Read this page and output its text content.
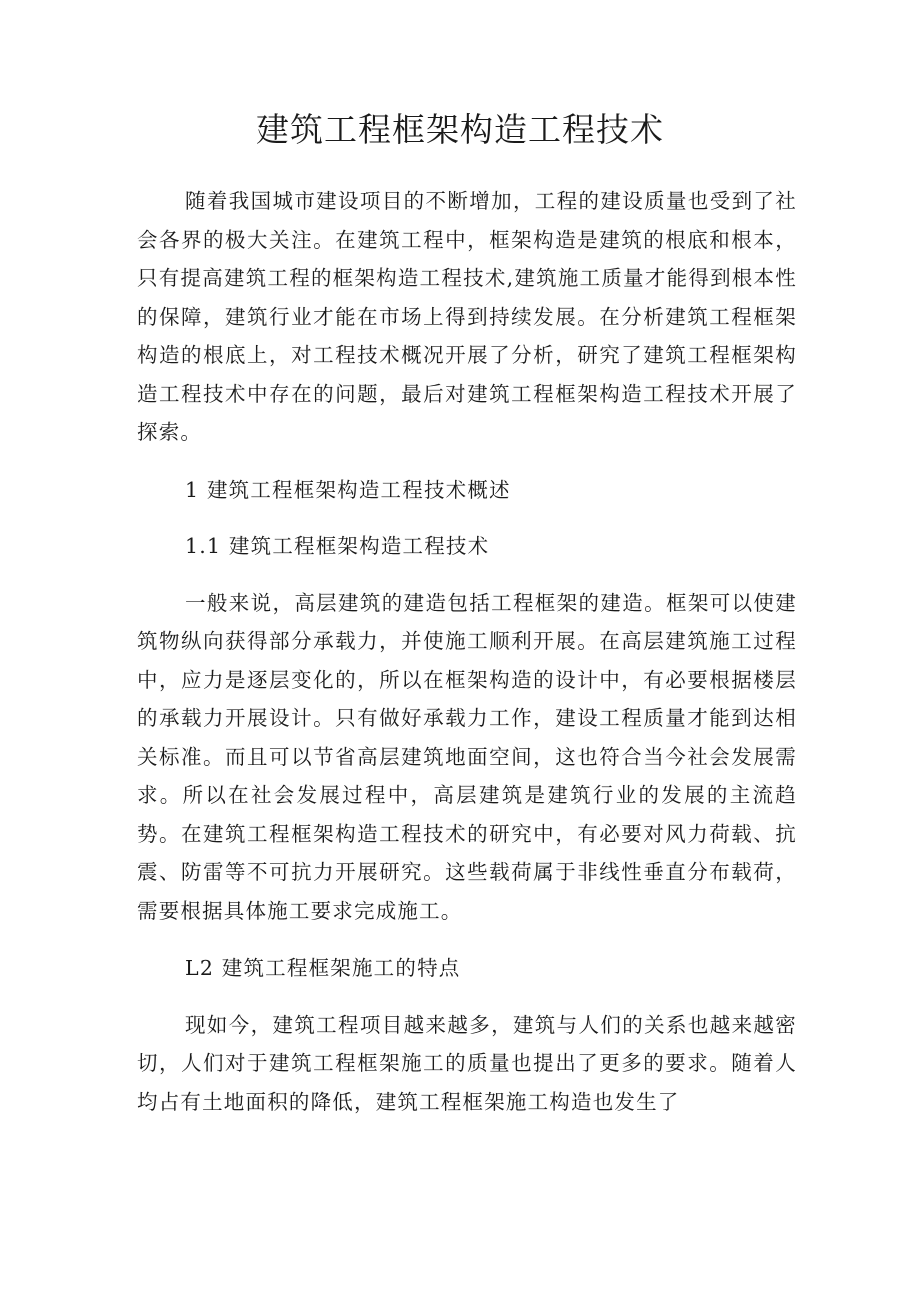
建筑工程框架构造工程技术

随着我国城市建设项目的不断增加，工程的建设质量也受到了社会各界的极大关注。在建筑工程中，框架构造是建筑的根底和根本，只有提高建筑工程的框架构造工程技术,建筑施工质量才能得到根本性的保障，建筑行业才能在市场上得到持续发展。在分析建筑工程框架构造的根底上，对工程技术概况开展了分析，研究了建筑工程框架构造工程技术中存在的问题，最后对建筑工程框架构造工程技术开展了探索。

1 建筑工程框架构造工程技术概述
1.1 建筑工程框架构造工程技术

一般来说，高层建筑的建造包括工程框架的建造。框架可以使建筑物纵向获得部分承载力，并使施工顺利开展。在高层建筑施工过程中，应力是逐层变化的，所以在框架构造的设计中，有必要根据楼层的承载力开展设计。只有做好承载力工作，建设工程质量才能到达相关标准。而且可以节省高层建筑地面空间，这也符合当今社会发展需求。所以在社会发展过程中，高层建筑是建筑行业的发展的主流趋势。在建筑工程框架构造工程技术的研究中，有必要对风力荷载、抗震、防雷等不可抗力开展研究。这些载荷属于非线性垂直分布载荷，需要根据具体施工要求完成施工。

L2 建筑工程框架施工的特点

现如今，建筑工程项目越来越多，建筑与人们的关系也越来越密切，人们对于建筑工程框架施工的质量也提出了更多的要求。随着人均占有土地面积的降低，建筑工程框架施工构造也发生了
